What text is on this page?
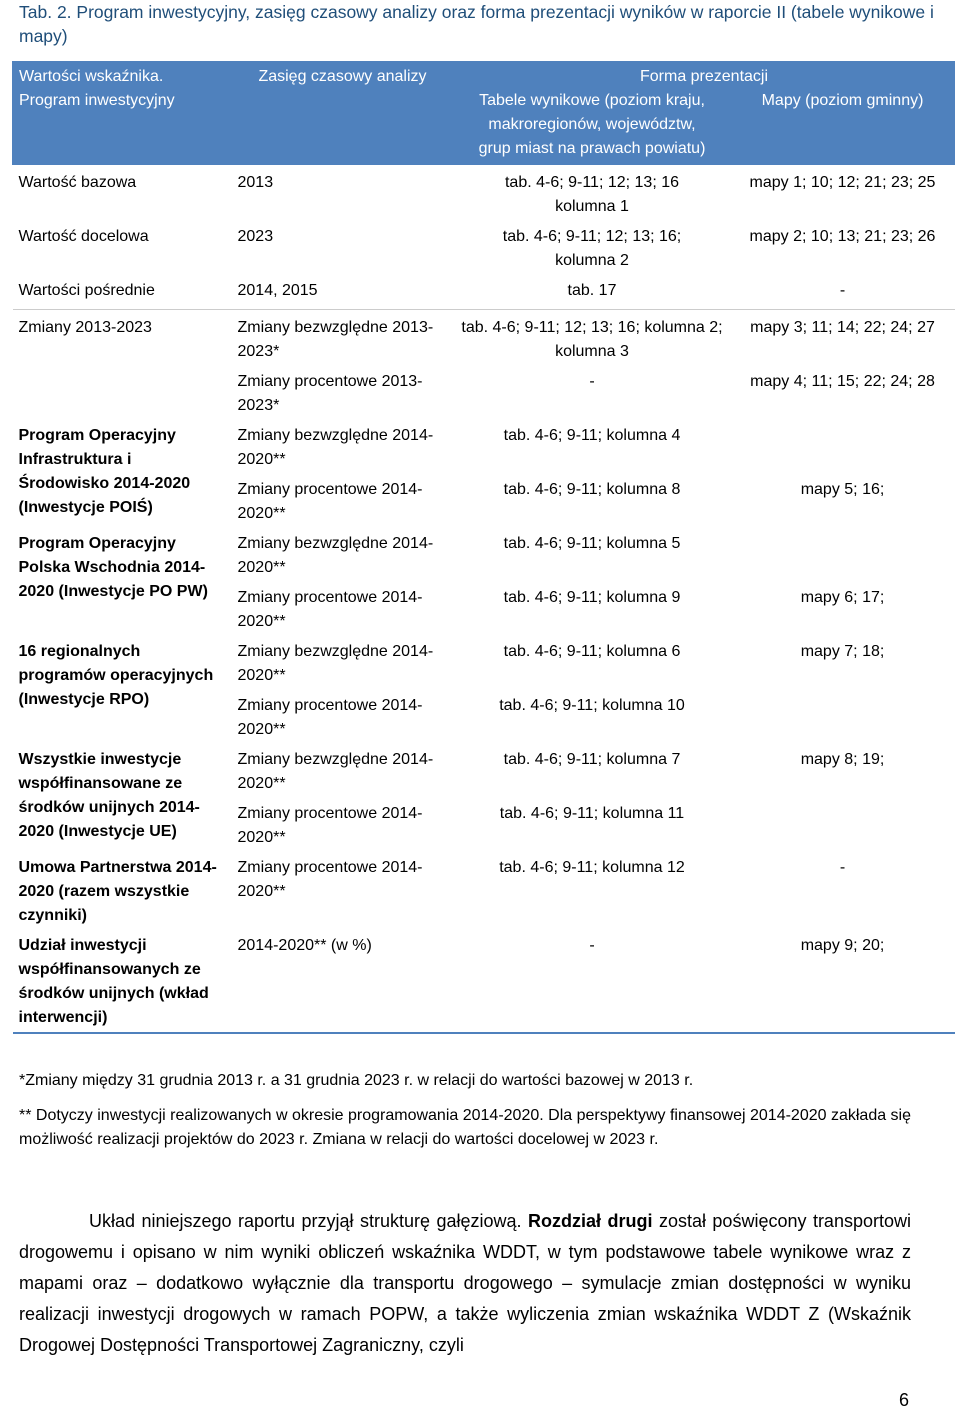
Tab. 2. Program inwestycyjny, zasięg czasowy analizy oraz forma prezentacji wyników w raporcie II (tabele wynikowe i mapy)
Wartości wskaźnika. Program inwestycyjny	Zasięg czasowy analizy	Forma prezentacji	
		Tabele wynikowe (poziom kraju, makroregionów, województw, grup miast na prawach powiatu)	Mapy (poziom gminny)
Wartość bazowa	2013	tab. 4-6; 9-11; 12; 13; 16 kolumna 1	mapy 1; 10; 12; 21; 23; 25
Wartość docelowa	2023	tab. 4-6; 9-11; 12; 13; 16; kolumna 2	mapy 2; 10; 13; 21; 23; 26
Wartości pośrednie	2014, 2015	tab. 17	-
Zmiany 2013-2023	Zmiany bezwzględne 2013-2023*	tab. 4-6; 9-11; 12; 13; 16; kolumna 2; kolumna 3	mapy 3; 11; 14; 22; 24; 27
	Zmiany procentowe 2013-2023*	-	mapy 4; 11; 15; 22; 24; 28
Program Operacyjny Infrastruktura i Środowisko 2014-2020 (Inwestycje POIŚ)	Zmiany bezwzględne 2014-2020**	tab. 4-6; 9-11; kolumna 4	
	Zmiany procentowe 2014-2020**	tab. 4-6; 9-11; kolumna 8	mapy 5; 16;
Program Operacyjny Polska Wschodnia 2014-2020 (Inwestycje PO PW)	Zmiany bezwzględne 2014-2020**	tab. 4-6; 9-11; kolumna 5	
	Zmiany procentowe 2014-2020**	tab. 4-6; 9-11; kolumna 9	mapy 6; 17;
16 regionalnych programów operacyjnych (Inwestycje RPO)	Zmiany bezwzględne 2014-2020**	tab. 4-6; 9-11; kolumna 6	mapy 7; 18;
	Zmiany procentowe 2014-2020**	tab. 4-6; 9-11; kolumna 10	
Wszystkie inwestycje współfinansowane ze środków unijnych 2014-2020 (Inwestycje UE)	Zmiany bezwzględne 2014-2020**	tab. 4-6; 9-11; kolumna 7	mapy 8; 19;
	Zmiany procentowe 2014-2020**	tab. 4-6; 9-11; kolumna 11	
Umowa Partnerstwa 2014-2020 (razem wszystkie czynniki)	Zmiany procentowe 2014-2020**	tab. 4-6; 9-11; kolumna 12	-
Udział inwestycji współfinansowanych ze środków unijnych (wkład interwencji)	2014-2020** (w %)	-	mapy 9; 20;
*Zmiany między 31 grudnia 2013 r. a 31 grudnia 2023 r. w relacji do wartości bazowej w 2013 r.
** Dotyczy inwestycji realizowanych w okresie programowania 2014-2020. Dla perspektywy finansowej 2014-2020 zakłada się możliwość realizacji projektów do 2023 r. Zmiana w relacji do wartości docelowej w 2023 r.
Układ niniejszego raportu przyjął strukturę gałęziową. Rozdział drugi został poświęcony transportowi drogowemu i opisano w nim wyniki obliczeń wskaźnika WDDT, w tym podstawowe tabele wynikowe wraz z mapami oraz – dodatkowo wyłącznie dla transportu drogowego – symulacje zmian dostępności w wyniku realizacji inwestycji drogowych w ramach POPW, a także wyliczenia zmian wskaźnika WDDT Z (Wskaźnik Drogowej Dostępności Transportowej Zagraniczny, czyli
6
